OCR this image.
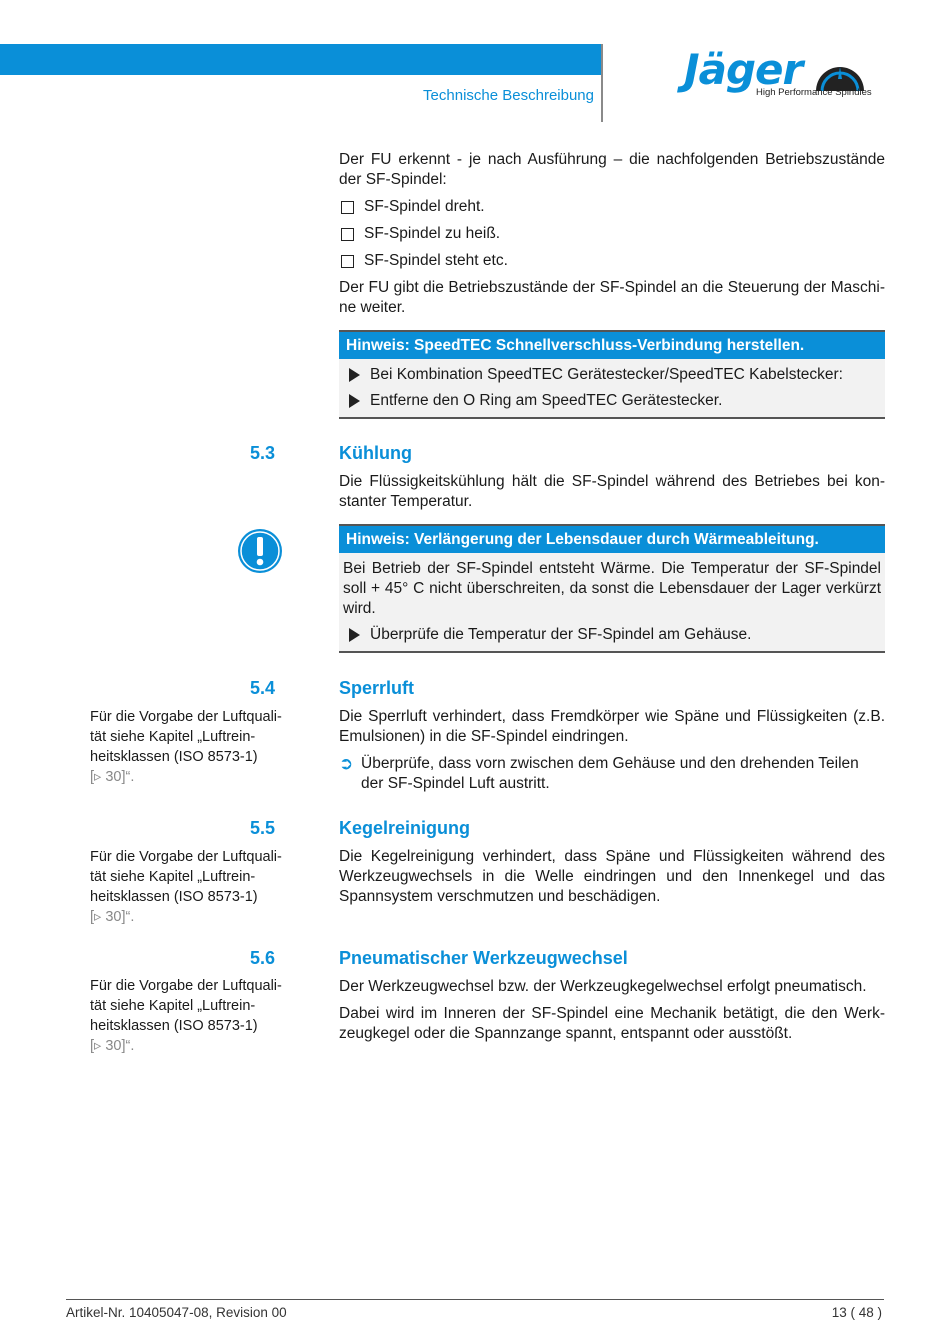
Technische Beschreibung
Jäger
High Performance Spindles

Der FU erkennt - je nach Ausführung – die nachfolgenden Betriebszustände der SF-Spindel:

SF-Spindel dreht.
SF-Spindel zu heiß.
SF-Spindel steht etc.

Der FU gibt die Betriebszustände der SF-Spindel an die Steuerung der Maschi-ne weiter.

Hinweis: SpeedTEC Schnellverschluss-Verbindung herstellen.
Bei Kombination SpeedTEC Gerätestecker/SpeedTEC Kabelstecker:
Entferne den O Ring am SpeedTEC Gerätestecker.
5.3	Kühlung

Die Flüssigkeitskühlung hält die SF-Spindel während des Betriebes bei kon-stanter Temperatur.

Hinweis: Verlängerung der Lebensdauer durch Wärmeableitung.

Bei Betrieb der SF-Spindel entsteht Wärme. Die Temperatur der SF-Spindel soll + 45° C nicht überschreiten, da sonst die Lebensdauer der Lager verkürzt wird.

Überprüfe die Temperatur der SF-Spindel am Gehäuse.
5.4	Sperrluft
Für die Vorgabe der Luftquali-
tät siehe Kapitel „Luftrein-
heitsklassen (ISO 8573-1)
[▹ 30]“.

Die Sperrluft verhindert, dass Fremdkörper wie Späne und Flüssigkeiten (z.B. Emulsionen) in die SF-Spindel eindringen.

➲ Überprüfe, dass vorn zwischen dem Gehäuse und den drehenden Teilen der SF-Spindel Luft austritt.
5.5	Kegelreinigung
Für die Vorgabe der Luftquali-
tät siehe Kapitel „Luftrein-
heitsklassen (ISO 8573-1)
[▹ 30]“.

Die Kegelreinigung verhindert, dass Späne und Flüssigkeiten während des Werkzeugwechsels in die Welle eindringen und den Innenkegel und das Spannsystem verschmutzen und beschädigen.

5.6	Pneumatischer Werkzeugwechsel
Für die Vorgabe der Luftquali-
tät siehe Kapitel „Luftrein-
heitsklassen (ISO 8573-1)
[▹ 30]“.

Der Werkzeugwechsel bzw. der Werkzeugkegelwechsel erfolgt pneumatisch.

Dabei wird im Inneren der SF-Spindel eine Mechanik betätigt, die den Werk-zeugkegel oder die Spannzange spannt, entspannt oder ausstößt.

Artikel-Nr. 10405047-08, Revision 00	13 ( 48 )
